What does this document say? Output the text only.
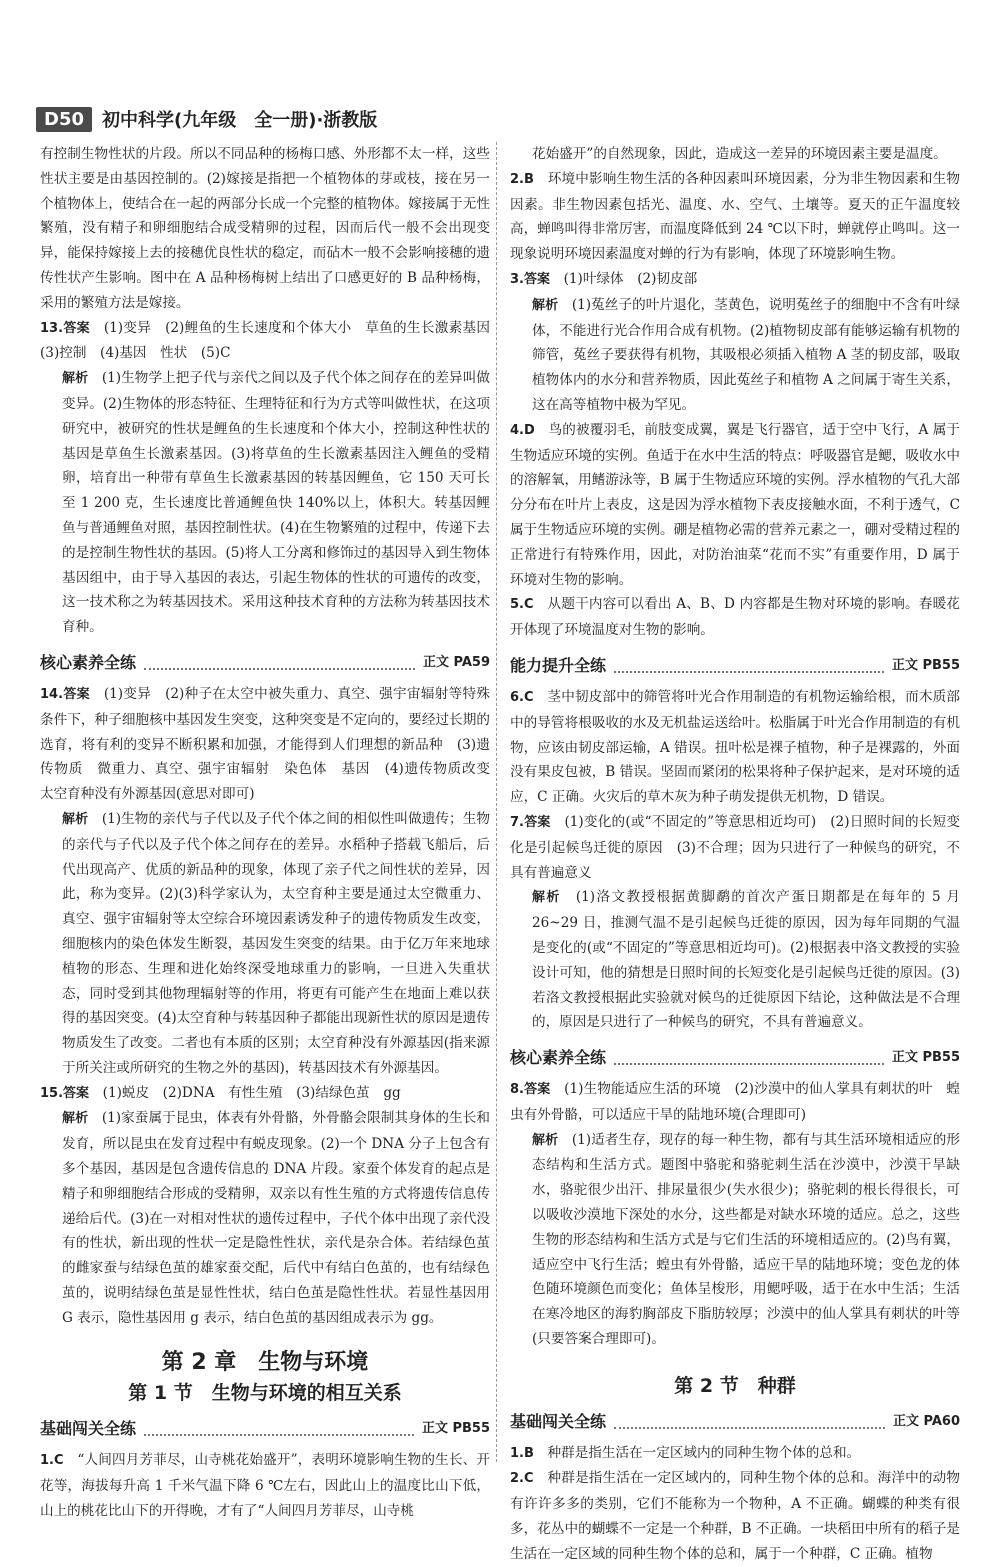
D50	初中科学(九年级　全一册)·浙教版

有控制生物性状的片段。所以不同品种的杨梅口感、外形都不太一样，这些性状主要是由基因控制的。(2)嫁接是指把一个植物体的芽或枝，接在另一个植物体上，使结合在一起的两部分长成一个完整的植物体。嫁接属于无性繁殖，没有精子和卵细胞结合成受精卵的过程，因而后代一般不会出现变异，能保持嫁接上去的接穗优良性状的稳定，而砧木一般不会影响接穗的遗传性状产生影响。图中在 A 品种杨梅树上结出了口感更好的 B 品种杨梅，采用的繁殖方法是嫁接。

13.答案　 (1)变异　(2)鲤鱼的生长速度和个体大小　草鱼的生长激素基因　(3)控制　(4)基因　性状　(5)C

解析　 (1)生物学上把子代与亲代之间以及子代个体之间存在的差异叫做变异。(2)生物体的形态特征、生理特征和行为方式等叫做性状，在这项研究中，被研究的性状是鲤鱼的生长速度和个体大小，控制这种性状的基因是草鱼生长激素基因。(3)将草鱼的生长激素基因注入鲤鱼的受精卵，培育出一种带有草鱼生长激素基因的转基因鲤鱼，它 150 天可长至 1 200 克，生长速度比普通鲤鱼快 140%以上，体积大。转基因鲤鱼与普通鲤鱼对照，基因控制性状。(4)在生物繁殖的过程中，传递下去的是控制生物性状的基因。(5)将人工分离和修饰过的基因导入到生物体基因组中，由于导入基因的表达，引起生物体的性状的可遗传的改变，这一技术称之为转基因技术。采用这种技术育种的方法称为转基因技术育种。

核心素养全练	正文 PA59

14.答案　 (1)变异　(2)种子在太空中被失重力、真空、强宇宙辐射等特殊条件下，种子细胞核中基因发生突变，这种突变是不定向的，要经过长期的选育，将有利的变异不断积累和加强，才能得到人们理想的新品种　(3)遗传物质　微重力、真空、强宇宙辐射　染色体　基因　(4)遗传物质改变　太空育种没有外源基因(意思对即可)

解析　 (1)生物的亲代与子代以及子代个体之间的相似性叫做遗传；生物的亲代与子代以及子代个体之间存在的差异。水稻种子搭载飞船后，后代出现高产、优质的新品种的现象，体现了亲子代之间性状的差异，因此，称为变异。(2)(3)科学家认为，太空育种主要是通过太空微重力、真空、强宇宙辐射等太空综合环境因素诱发种子的遗传物质发生改变，细胞核内的染色体发生断裂，基因发生突变的结果。由于亿万年来地球植物的形态、生理和进化始终深受地球重力的影响，一旦进入失重状态，同时受到其他物理辐射等的作用，将更有可能产生在地面上难以获得的基因突变。(4)太空育种与转基因种子都能出现新性状的原因是遗传物质发生了改变。二者也有本质的区别；太空育种没有外源基因(指来源于所关注或所研究的生物之外的基因)，转基因技术有外源基因。

15.答案　 (1)蜕皮　(2)DNA　有性生殖　(3)结绿色茧　gg

解析　 (1)家蚕属于昆虫，体表有外骨骼，外骨骼会限制其身体的生长和发育，所以昆虫在发育过程中有蜕皮现象。(2)一个 DNA 分子上包含有多个基因，基因是包含遗传信息的 DNA 片段。家蚕个体发育的起点是精子和卵细胞结合形成的受精卵，双亲以有性生殖的方式将遗传信息传递给后代。(3)在一对相对性状的遗传过程中，子代个体中出现了亲代没有的性状，新出现的性状一定是隐性性状，亲代是杂合体。若结绿色茧的雌家蚕与结绿色茧的雄家蚕交配，后代中有结白色茧的，也有结绿色茧的，说明结绿色茧是显性性状，结白色茧是隐性性状。若显性基因用 G 表示，隐性基因用 g 表示，结白色茧的基因组成表示为 gg。

第 2 章　生物与环境
第 1 节　生物与环境的相互关系
基础闯关全练	正文 PB55

1.C　 “人间四月芳菲尽，山寺桃花始盛开”，表明环境影响生物的生长、开花等，海拔每升高 1 千米气温下降 6 ℃左右，因此山上的温度比山下低，山上的桃花比山下的开得晚，才有了“人间四月芳菲尽，山寺桃

花始盛开”的自然现象，因此，造成这一差异的环境因素主要是温度。

2.B　 环境中影响生物生活的各种因素叫环境因素，分为非生物因素和生物因素。非生物因素包括光、温度、水、空气、土壤等。夏天的正午温度较高，蝉鸣叫得非常厉害，而温度降低到 24 ℃以下时，蝉就停止鸣叫。这一现象说明环境因素温度对蝉的行为有影响，体现了环境影响生物。

3.答案　 (1)叶绿体　(2)韧皮部

解析　 (1)菟丝子的叶片退化，茎黄色，说明菟丝子的细胞中不含有叶绿体，不能进行光合作用合成有机物。(2)植物韧皮部有能够运输有机物的筛管，菟丝子要获得有机物，其吸根必须插入植物 A 茎的韧皮部，吸取植物体内的水分和营养物质，因此菟丝子和植物 A 之间属于寄生关系，这在高等植物中极为罕见。

4.D　 鸟的被覆羽毛，前肢变成翼，翼是飞行器官，适于空中飞行，A 属于生物适应环境的实例。鱼适于在水中生活的特点：呼吸器官是鳃，吸收水中的溶解氧，用鳍游泳等，B 属于生物适应环境的实例。浮水植物的气孔大部分分布在叶片上表皮，这是因为浮水植物下表皮接触水面，不利于透气，C 属于生物适应环境的实例。硼是植物必需的营养元素之一，硼对受精过程的正常进行有特殊作用，因此，对防治油菜“花而不实”有重要作用，D 属于环境对生物的影响。

5.C　 从题干内容可以看出 A、B、D 内容都是生物对环境的影响。春暖花开体现了环境温度对生物的影响。

能力提升全练	正文 PB55

6.C　 茎中韧皮部中的筛管将叶光合作用制造的有机物运输给根，而木质部中的导管将根吸收的水及无机盐运送给叶。松脂属于叶光合作用制造的有机物，应该由韧皮部运输，A 错误。扭叶松是裸子植物，种子是裸露的，外面没有果皮包被，B 错误。坚固而紧闭的松果将种子保护起来，是对环境的适应，C 正确。火灾后的草木灰为种子萌发提供无机物，D 错误。

7.答案　 (1)变化的(或“不固定的”等意思相近均可)　(2)日照时间的长短变化是引起候鸟迁徙的原因　(3)不合理；因为只进行了一种候鸟的研究，不具有普遍意义

解析　 (1)洛文教授根据黄脚鹬的首次产蛋日期都是在每年的 5 月 26~29 日，推测气温不是引起候鸟迁徙的原因，因为每年同期的气温是变化的(或“不固定的”等意思相近均可)。(2)根据表中洛文教授的实验设计可知，他的猜想是日照时间的长短变化是引起候鸟迁徙的原因。(3)若洛文教授根据此实验就对候鸟的迁徙原因下结论，这种做法是不合理的，原因是只进行了一种候鸟的研究，不具有普遍意义。

核心素养全练	正文 PB55

8.答案　 (1)生物能适应生活的环境　(2)沙漠中的仙人掌具有刺状的叶　蝗虫有外骨骼，可以适应干旱的陆地环境(合理即可)

解析　 (1)适者生存，现存的每一种生物，都有与其生活环境相适应的形态结构和生活方式。题图中骆驼和骆驼刺生活在沙漠中，沙漠干旱缺水，骆驼很少出汗、排尿量很少(失水很少)；骆驼刺的根长得很长，可以吸收沙漠地下深处的水分，这些都是对缺水环境的适应。总之，这些生物的形态结构和生活方式是与它们生活的环境相适应的。(2)鸟有翼，适应空中飞行生活；蝗虫有外骨骼，适应干旱的陆地环境；变色龙的体色随环境颜色而变化；鱼体呈梭形，用鳃呼吸，适于在水中生活；生活在寒冷地区的海豹胸部皮下脂肪较厚；沙漠中的仙人掌具有刺状的叶等(只要答案合理即可)。

第 2 节　种群
基础闯关全练	正文 PA60

1.B　 种群是指生活在一定区域内的同种生物个体的总和。

2.C　 种群是指生活在一定区域内的，同种生物个体的总和。海洋中的动物有许许多多的类别，它们不能称为一个物种，A 不正确。蝴蝶的种类有很多，花丛中的蝴蝶不一定是一个种群，B 不正确。一块稻田中所有的稻子是生活在一定区域的同种生物个体的总和，属于一个种群，C 正确。植物
